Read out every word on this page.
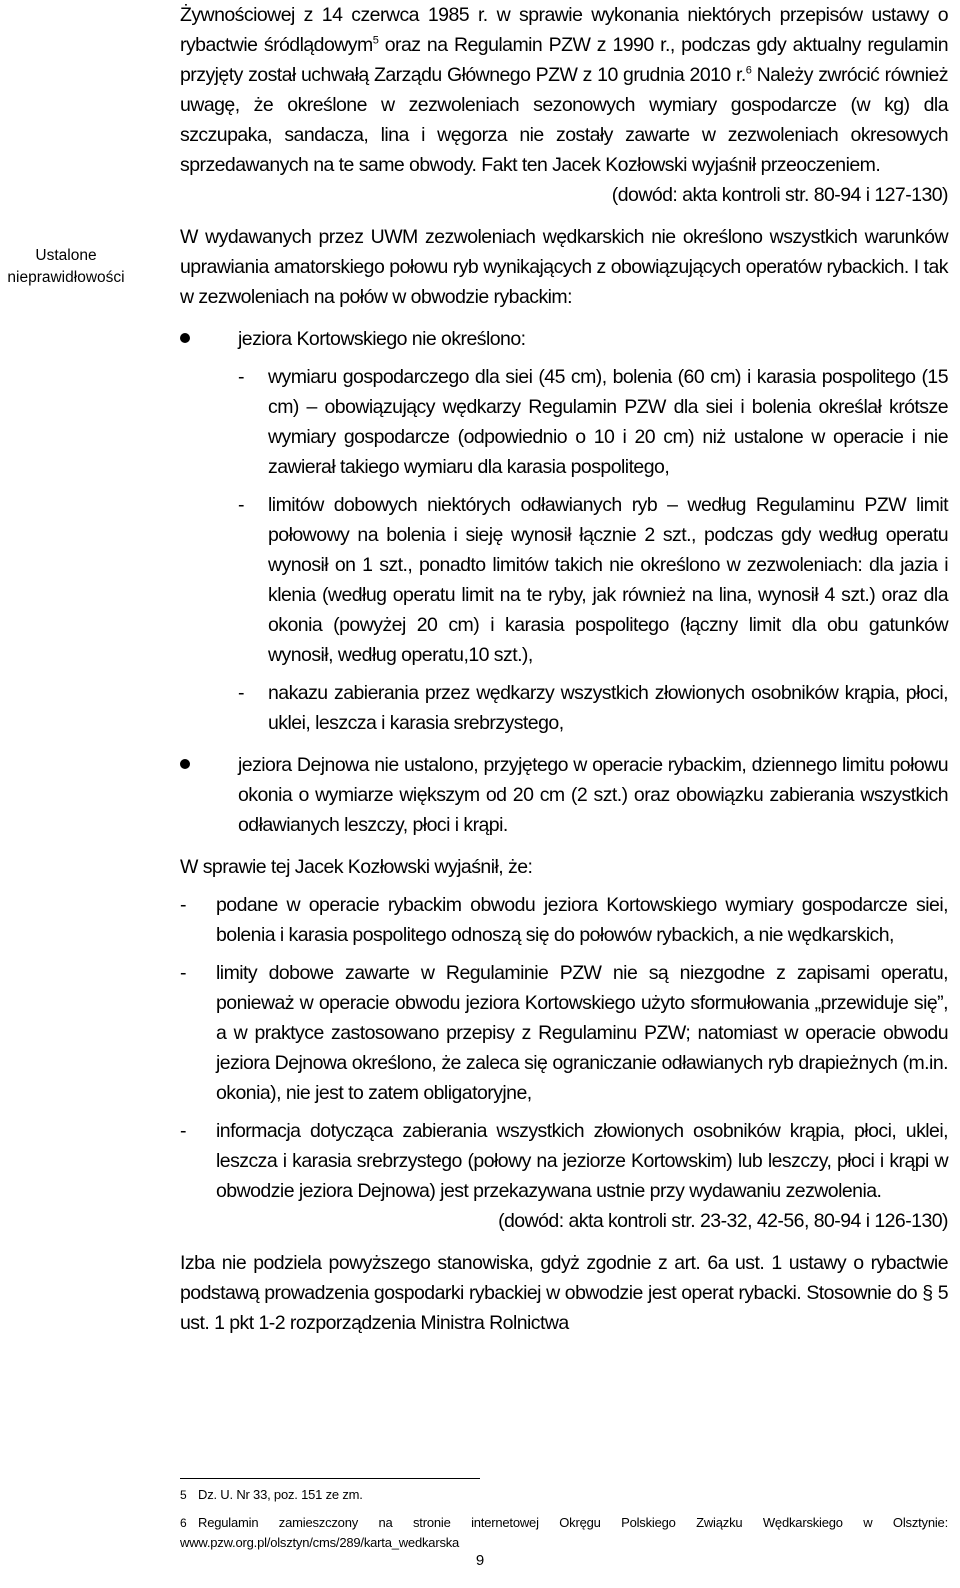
Ustalone
nieprawidłowości

Żywnościowej z 14 czerwca 1985 r. w sprawie wykonania niektórych przepisów ustawy o rybactwie śródlądowym$^5$ oraz na Regulamin PZW z 1990 r., podczas gdy aktualny regulamin przyjęty został uchwałą Zarządu Głównego PZW z 10 grudnia 2010 r.$^6$ Należy zwrócić również uwagę, że określone w zezwoleniach sezonowych wymiary gospodarcze (w kg) dla szczupaka, sandacza, lina i węgorza nie zostały zawarte w zezwoleniach okresowych sprzedawanych na te same obwody. Fakt ten Jacek Kozłowski wyjaśnił przeoczeniem.

(dowód: akta kontroli str. 80-94 i 127-130)

W wydawanych przez UWM zezwoleniach wędkarskich nie określono wszystkich warunków uprawiania amatorskiego połowu ryb wynikających z obowiązujących operatów rybackich. I tak w zezwoleniach na połów w obwodzie rybackim:

jeziora Kortowskiego nie określono:

- wymiaru gospodarczego dla siei (45 cm), bolenia (60 cm) i karasia pospolitego (15 cm) – obowiązujący wędkarzy Regulamin PZW dla siei i bolenia określał krótsze wymiary gospodarcze (odpowiednio o 10 i 20 cm) niż ustalone w operacie i nie zawierał takiego wymiaru dla karasia pospolitego,

- limitów dobowych niektórych odławianych ryb – według Regulaminu PZW limit połowowy na bolenia i sieję wynosił łącznie 2 szt., podczas gdy według operatu wynosił on 1 szt., ponadto limitów takich nie określono w zezwoleniach: dla jazia i klenia (według operatu limit na te ryby, jak również na lina, wynosił 4 szt.) oraz dla okonia (powyżej 20 cm) i karasia pospolitego (łączny limit dla obu gatunków wynosił, według operatu,10 szt.),

- nakazu zabierania przez wędkarzy wszystkich złowionych osobników krąpia, płoci, uklei, leszcza i karasia srebrzystego,

jeziora Dejnowa nie ustalono, przyjętego w operacie rybackim, dziennego limitu połowu okonia o wymiarze większym od 20 cm (2 szt.) oraz obowiązku zabierania wszystkich odławianych leszczy, płoci i krąpi.

W sprawie tej Jacek Kozłowski wyjaśnił, że:

- podane w operacie rybackim obwodu jeziora Kortowskiego wymiary gospodarcze siei, bolenia i karasia pospolitego odnoszą się do połowów rybackich, a nie wędkarskich,

- limity dobowe zawarte w Regulaminie PZW nie są niezgodne z zapisami operatu, ponieważ w operacie obwodu jeziora Kortowskiego użyto sformułowania „przewiduje się”, a w praktyce zastosowano przepisy z Regulaminu PZW; natomiast w operacie obwodu jeziora Dejnowa określono, że zaleca się ograniczanie odławianych ryb drapieżnych (m.in. okonia), nie jest to zatem obligatoryjne,

- informacja dotycząca zabierania wszystkich złowionych osobników krąpia, płoci, uklei, leszcza i karasia srebrzystego (połowy na jeziorze Kortowskim) lub leszczy, płoci i krąpi w obwodzie jeziora Dejnowa) jest przekazywana ustnie przy wydawaniu zezwolenia.

(dowód: akta kontroli str. 23-32, 42-56, 80-94 i 126-130)

Izba nie podziela powyższego stanowiska, gdyż zgodnie z art. 6a ust. 1 ustawy o rybactwie podstawą prowadzenia gospodarki rybackiej w obwodzie jest operat rybacki. Stosownie do § 5 ust. 1 pkt 1-2 rozporządzenia Ministra Rolnictwa

5 Dz. U. Nr 33, poz. 151 ze zm.

6 Regulamin zamieszczony na stronie internetowej Okręgu Polskiego Związku Wędkarskiego w Olsztynie: www.pzw.org.pl/olsztyn/cms/289/karta_wedkarska

9
